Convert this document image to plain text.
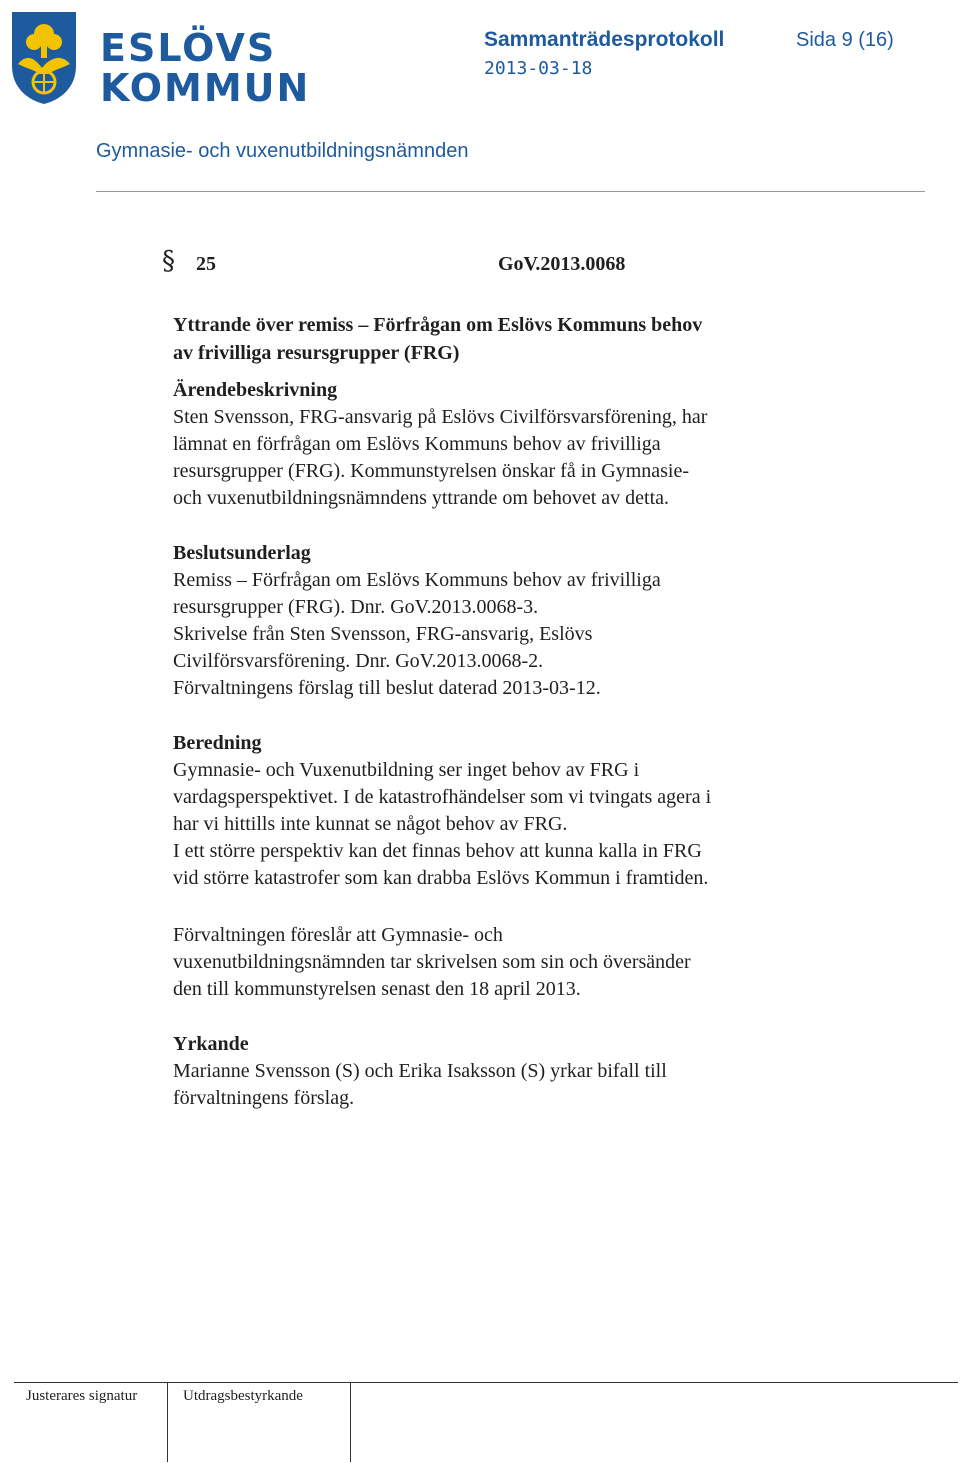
ESLÖVS
KOMMUN
Sammanträdesprotokoll	Sida 9 (16)
2013-03-18
Gymnasie- och vuxenutbildningsnämnden
§ 25	GoV.2013.0068
Yttrande över remiss – Förfrågan om Eslövs Kommuns behov
av frivilliga resursgrupper (FRG)
Ärendebeskrivning
Sten Svensson, FRG-ansvarig på Eslövs Civilförsvarsförening, har
lämnat en förfrågan om Eslövs Kommuns behov av frivilliga
resursgrupper (FRG). Kommunstyrelsen önskar få in Gymnasie-
och vuxenutbildningsnämndens yttrande om behovet av detta.
Beslutsunderlag
Remiss – Förfrågan om Eslövs Kommuns behov av frivilliga
resursgrupper (FRG). Dnr. GoV.2013.0068-3.
Skrivelse från Sten Svensson, FRG-ansvarig, Eslövs
Civilförsvarsförening. Dnr. GoV.2013.0068-2.
Förvaltningens förslag till beslut daterad 2013-03-12.
Beredning
Gymnasie- och Vuxenutbildning ser inget behov av FRG i
vardagsperspektivet. I de katastrofhändelser som vi tvingats agera i
har vi hittills inte kunnat se något behov av FRG.
I ett större perspektiv kan det finnas behov att kunna kalla in FRG
vid större katastrofer som kan drabba Eslövs Kommun i framtiden.
Förvaltningen föreslår att Gymnasie- och
vuxenutbildningsnämnden tar skrivelsen som sin och översänder
den till kommunstyrelsen senast den 18 april 2013.
Yrkande
Marianne Svensson (S) och Erika Isaksson (S) yrkar bifall till
förvaltningens förslag.
Justerares signatur	Utdragsbestyrkande
